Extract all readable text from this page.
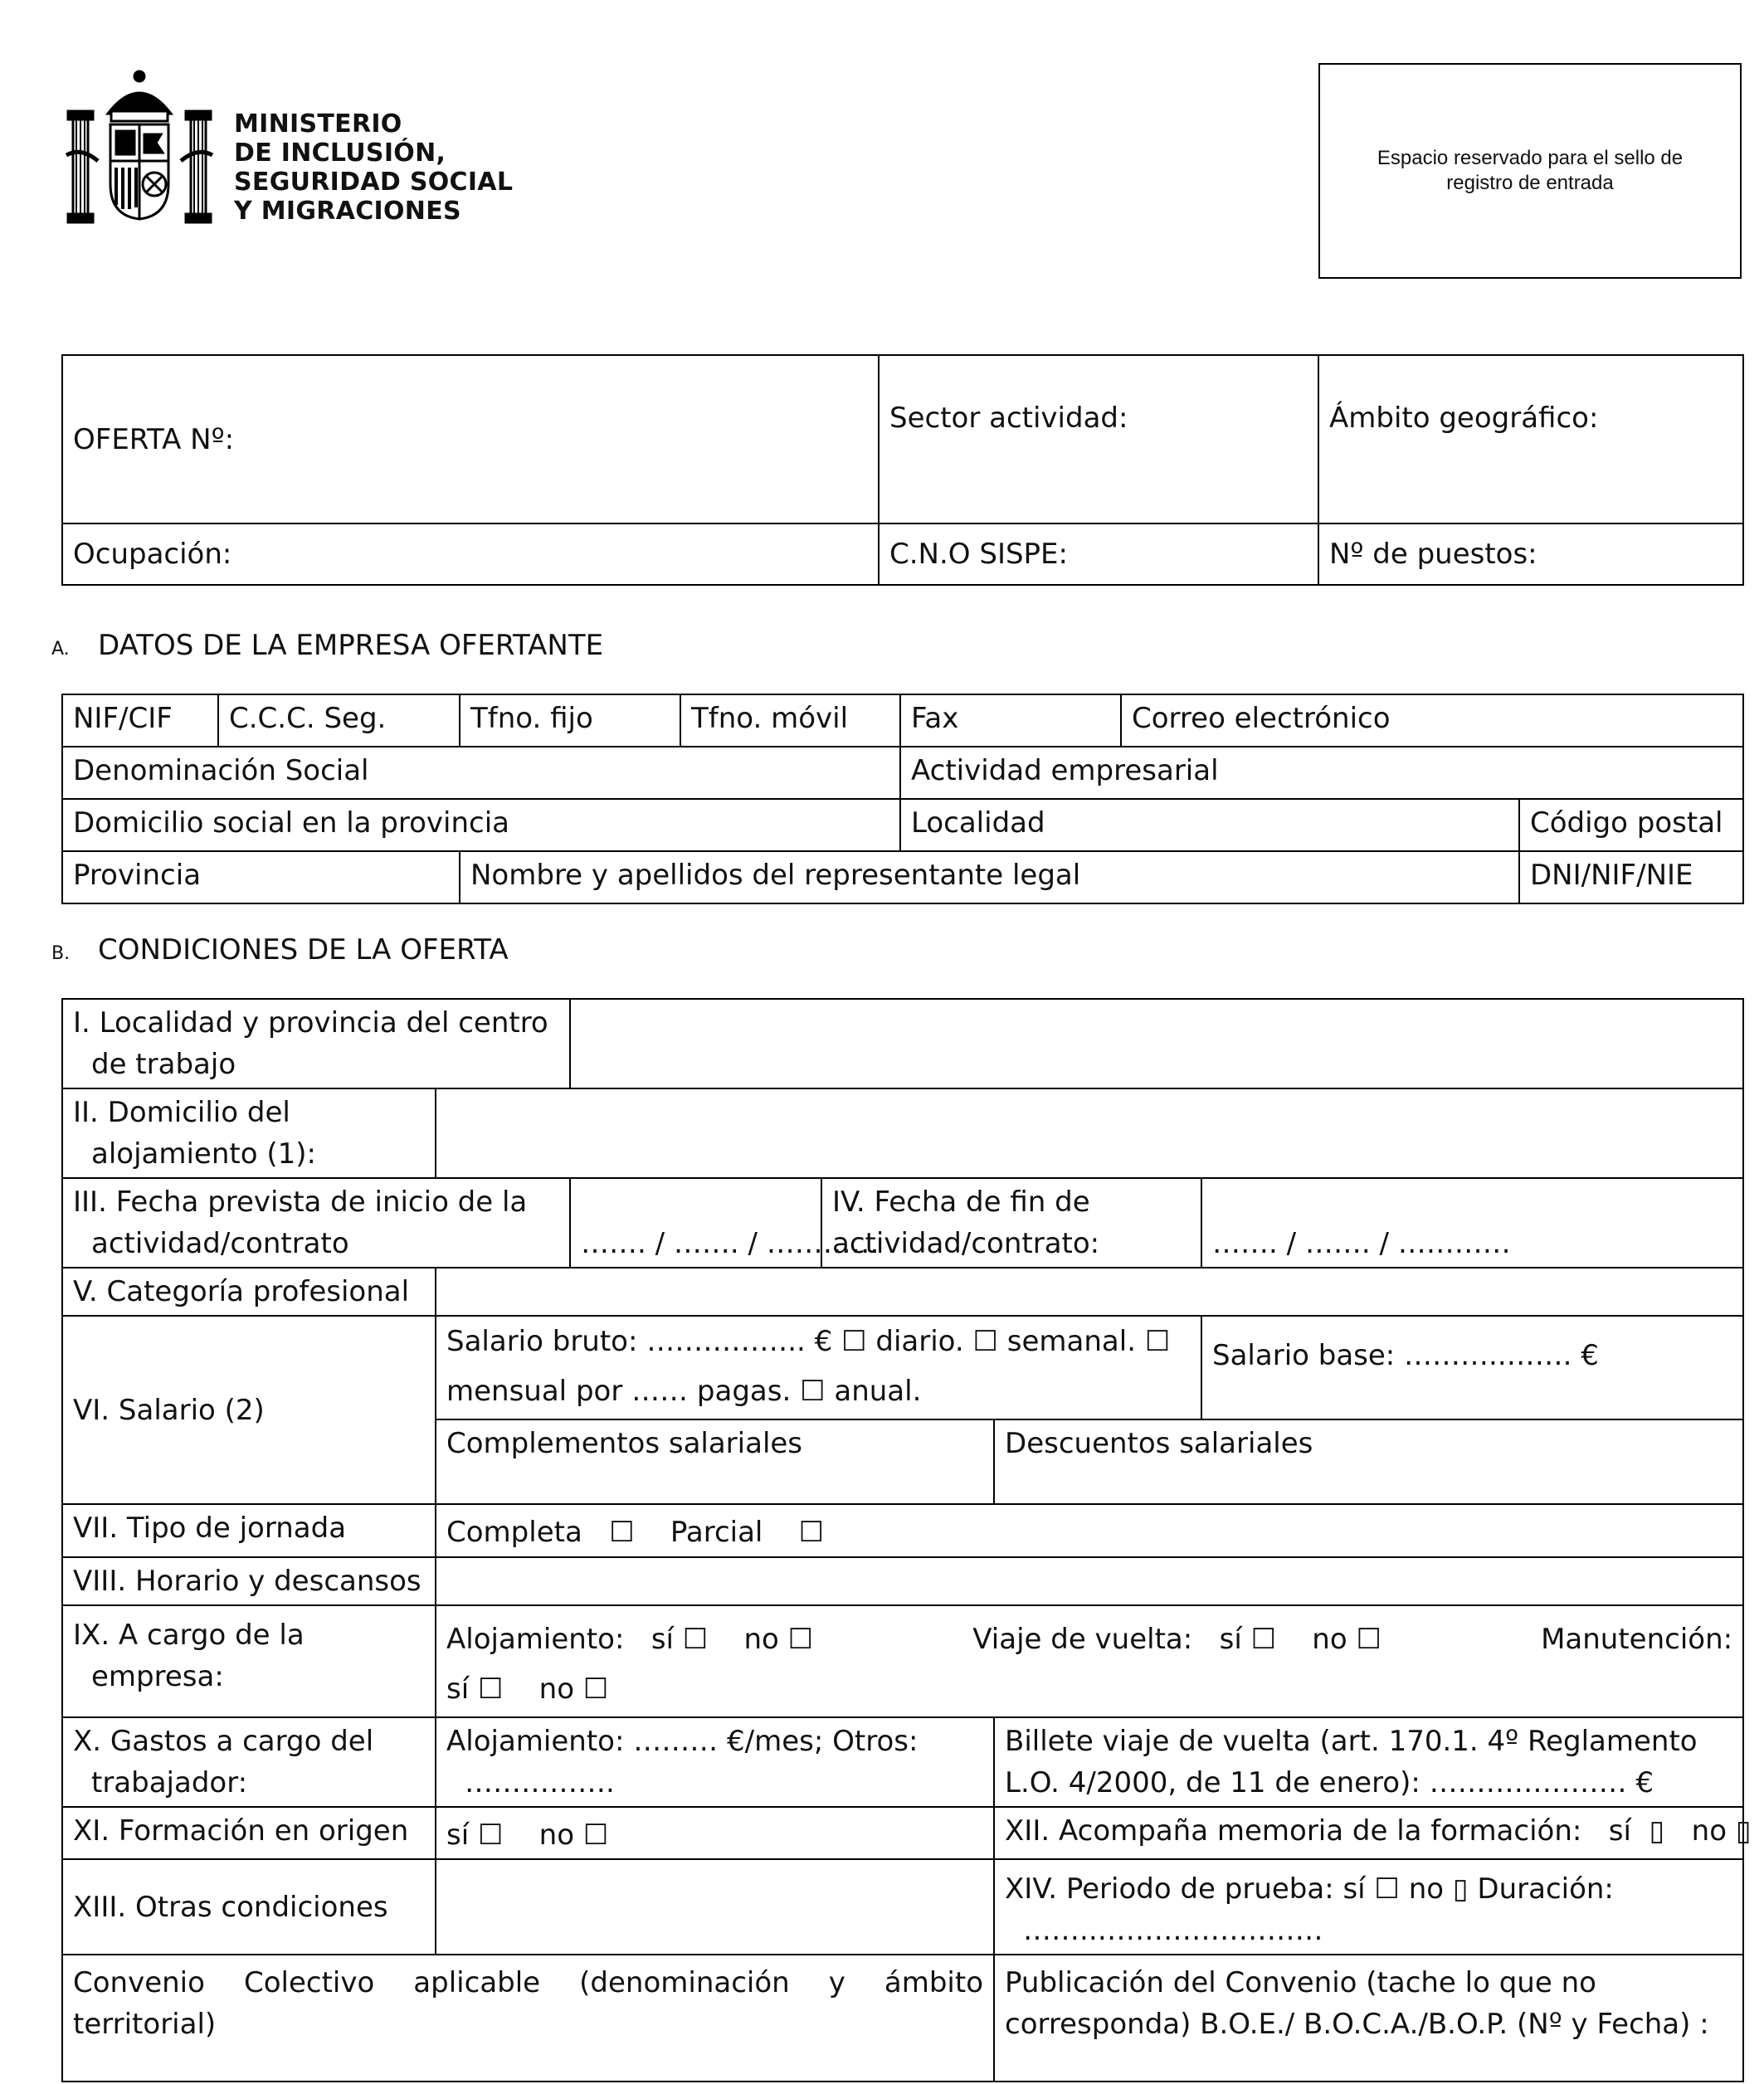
MINISTERIO
DE INCLUSIÓN,
SEGURIDAD SOCIAL
Y MIGRACIONES
Espacio reservado para el sello de
registro de entrada
OFERTA Nº:	Sector actividad:	Ámbito geográfico:
Ocupación:	C.N.O SISPE:	Nº de puestos:
A. DATOS DE LA EMPRESA OFERTANTE
NIF/CIF	C.C.C. Seg.	Tfno. fijo	Tfno. móvil	Fax	Correo electrónico	
Denominación Social				Actividad empresarial		
Domicilio social en la provincia				Localidad		Código postal
Provincia		Nombre y apellidos del representante legal				DNI/NIF/NIE
B. CONDICIONES DE LA OFERTA
I. Localidad y provincia del centro de trabajo					
II. Domicilio del alojamiento (1):					
III. Fecha prevista de inicio de la actividad/contrato		……. / ……. / …………	IV. Fecha de fin de actividad/contrato:		……. / ……. / …………
V. Categoría profesional					
VI. Salario (2)	Salario bruto: …………….. € ☐ diario. ☐ semanal. ☐ mensual por …… pagas. ☐ anual.				Salario base: ………..……. €
	Complementos salariales			Descuentos salariales	
VII. Tipo de jornada	Completa   ☐    Parcial    ☐				
VIII. Horario y descansos					
IX. A cargo de la empresa:	Alojamiento:   sí ☐    no ☐ Viaje de vuelta:   sí ☐    no ☐ Manutención:
sí ☐    no ☐				

X. Gastos a cargo del trabajador:	Alojamiento: ……… €/mes; Otros: …………….			Billete viaje de vuelta (art. 170.1. 4º Reglamento L.O. 4/2000, de 11 de enero): ………………… €	
XI. Formación en origen	sí ☐    no ☐			XII. Acompaña memoria de la formación:   sí  ▯   no ▯	
XIII. Otras condiciones				XIV. Periodo de prueba: sí ☐ no ▯ Duración: ……..……………………	
Convenio Colectivo aplicable (denominación y ámbito territorial)				Publicación del Convenio (tache lo que no corresponda) B.O.E./ B.O.C.A./B.O.P. (Nº y Fecha) :	
